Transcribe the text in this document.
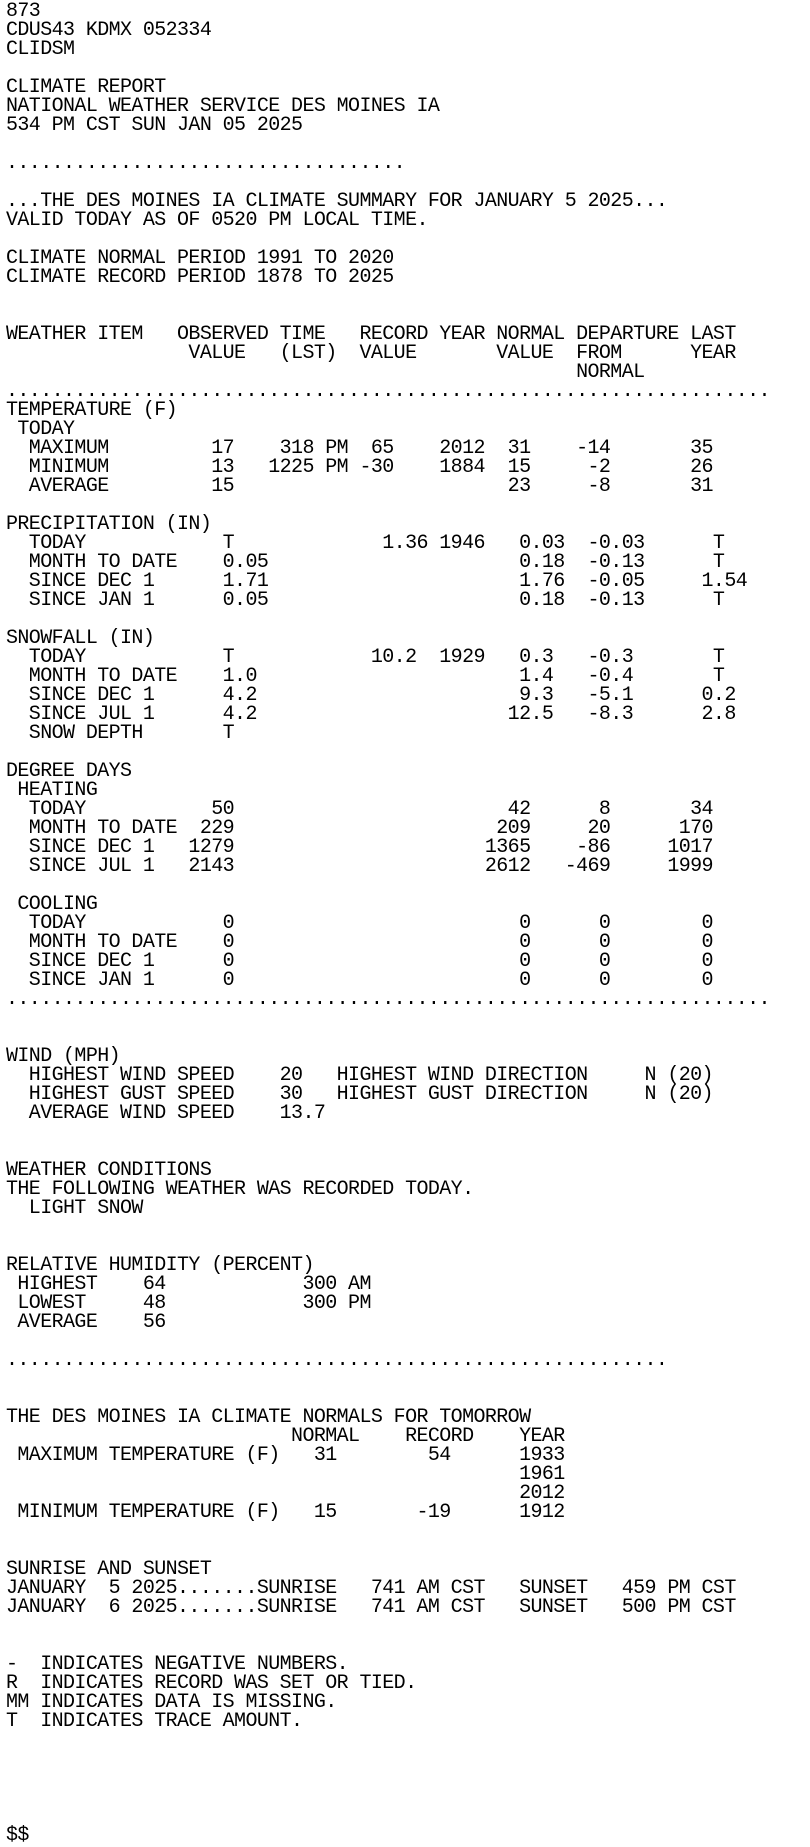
873
CDUS43 KDMX 052334
CLIDSM
CLIMATE REPORT
NATIONAL WEATHER SERVICE DES MOINES IA
534 PM CST SUN JAN 05 2025
...................................
...THE DES MOINES IA CLIMATE SUMMARY FOR JANUARY 5 2025...
VALID TODAY AS OF 0520 PM LOCAL TIME.
CLIMATE NORMAL PERIOD 1991 TO 2020
CLIMATE RECORD PERIOD 1878 TO 2025
WEATHER ITEM   OBSERVED TIME   RECORD YEAR NORMAL DEPARTURE LAST
VALUE   (LST)  VALUE       VALUE  FROM      YEAR
NORMAL
...................................................................
TEMPERATURE (F)
TODAY
MAXIMUM         17    318 PM  65    2012  31    -14       35
MINIMUM         13   1225 PM -30    1884  15     -2       26
AVERAGE         15                        23     -8       31
PRECIPITATION (IN)
TODAY            T             1.36 1946   0.03  -0.03      T
MONTH TO DATE    0.05                      0.18  -0.13      T
SINCE DEC 1      1.71                      1.76  -0.05     1.54
SINCE JAN 1      0.05                      0.18  -0.13      T
SNOWFALL (IN)
TODAY            T            10.2  1929   0.3   -0.3       T
MONTH TO DATE    1.0                       1.4   -0.4       T
SINCE DEC 1      4.2                       9.3   -5.1      0.2
SINCE JUL 1      4.2                      12.5   -8.3      2.8
SNOW DEPTH       T
DEGREE DAYS
HEATING
TODAY           50                        42      8       34
MONTH TO DATE  229                       209     20      170
SINCE DEC 1   1279                      1365    -86     1017
SINCE JUL 1   2143                      2612   -469     1999
COOLING
TODAY            0                         0      0        0
MONTH TO DATE    0                         0      0        0
SINCE DEC 1      0                         0      0        0
SINCE JAN 1      0                         0      0        0
...................................................................
WIND (MPH)
HIGHEST WIND SPEED    20   HIGHEST WIND DIRECTION     N (20)
HIGHEST GUST SPEED    30   HIGHEST GUST DIRECTION     N (20)
AVERAGE WIND SPEED    13.7
WEATHER CONDITIONS
THE FOLLOWING WEATHER WAS RECORDED TODAY.
LIGHT SNOW
RELATIVE HUMIDITY (PERCENT)
HIGHEST    64            300 AM
LOWEST     48            300 PM
AVERAGE    56
..........................................................
THE DES MOINES IA CLIMATE NORMALS FOR TOMORROW
NORMAL    RECORD    YEAR
MAXIMUM TEMPERATURE (F)   31        54      1933
1961
2012
MINIMUM TEMPERATURE (F)   15       -19      1912
SUNRISE AND SUNSET
JANUARY  5 2025.......SUNRISE   741 AM CST   SUNSET   459 PM CST
JANUARY  6 2025.......SUNRISE   741 AM CST   SUNSET   500 PM CST
-  INDICATES NEGATIVE NUMBERS.
R  INDICATES RECORD WAS SET OR TIED.
MM INDICATES DATA IS MISSING.
T  INDICATES TRACE AMOUNT.
$$
